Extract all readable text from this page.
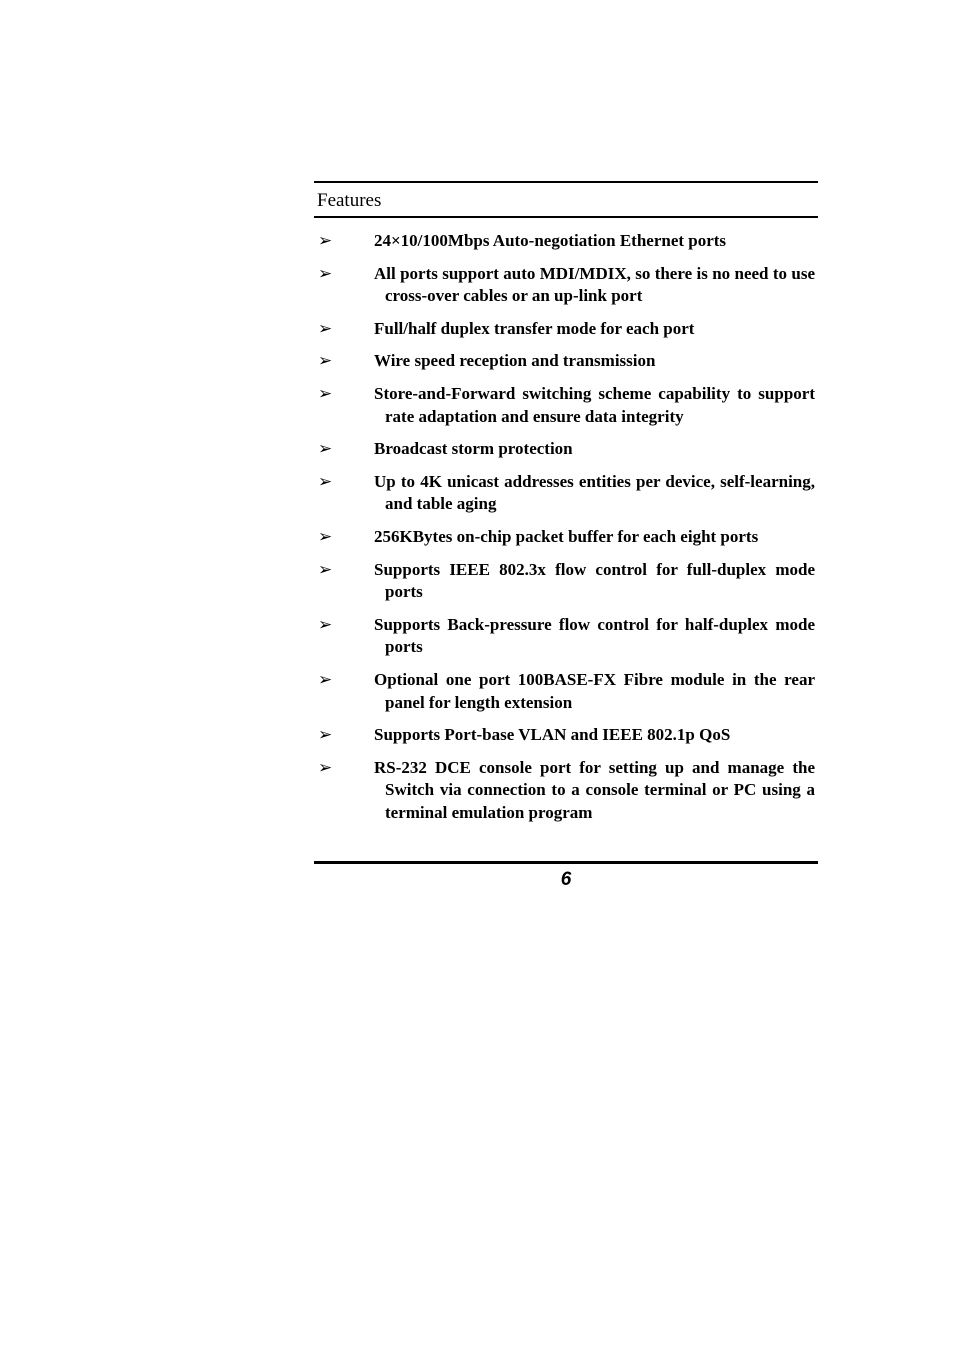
Features
➢ 24×10/100Mbps Auto-negotiation Ethernet ports
➢ All ports support auto MDI/MDIX, so there is no need to use cross-over cables or an up-link port
➢ Full/half duplex transfer mode for each port
➢ Wire speed reception and transmission
➢ Store-and-Forward switching scheme capability to support rate adaptation and ensure data integrity
➢ Broadcast storm protection
➢ Up to 4K unicast addresses entities per device, self-learning, and table aging
➢ 256KBytes on-chip packet buffer for each eight ports
➢ Supports IEEE 802.3x flow control for full-duplex mode ports
➢ Supports Back-pressure flow control for half-duplex mode ports
➢ Optional one port 100BASE-FX Fibre module in the rear panel for length extension
➢ Supports Port-base VLAN and IEEE 802.1p QoS
➢ RS-232 DCE console port for setting up and manage the Switch via connection to a console terminal or PC using a terminal emulation program
6
